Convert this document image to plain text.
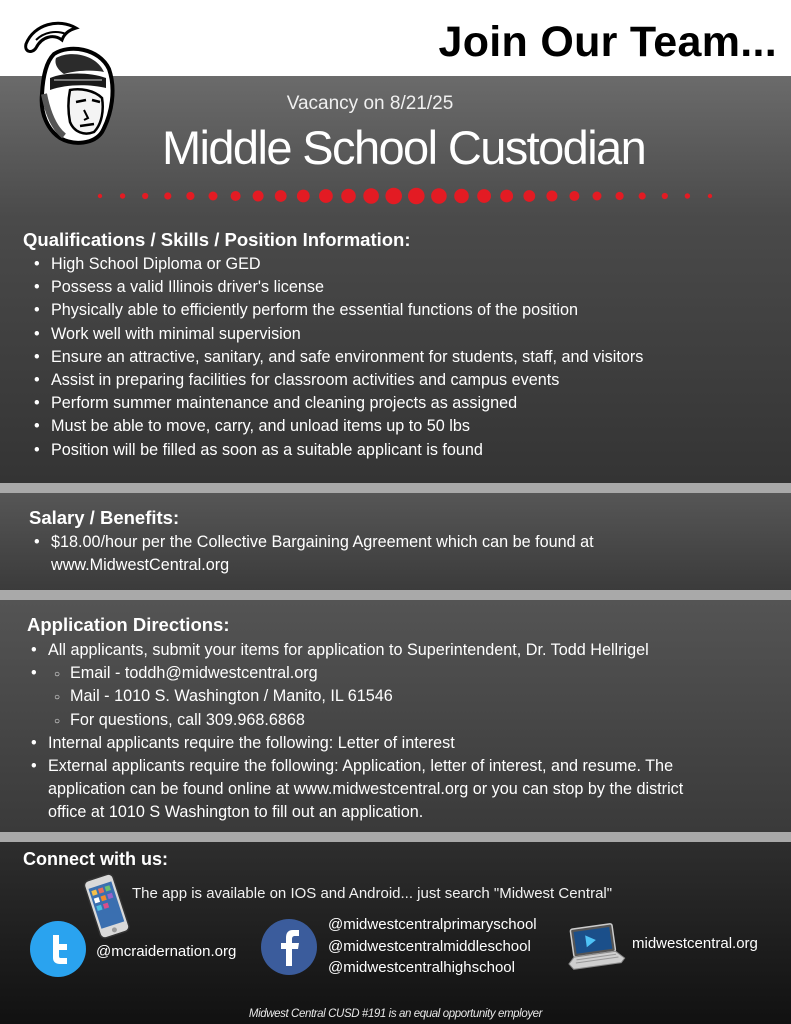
Join Our Team...
Vacancy on 8/21/25
Middle School Custodian
Qualifications / Skills / Position Information:
• High School Diploma or GED
• Possess a valid Illinois driver's license
• Physically able to efficiently perform the essential functions of the position
• Work well with minimal supervision
• Ensure an attractive, sanitary, and safe environment for students, staff, and visitors
• Assist in preparing facilities for classroom activities and campus events
• Perform summer maintenance and cleaning projects as assigned
• Must be able to move, carry, and unload items up to 50 lbs
• Position will be filled as soon as a suitable applicant is found
Salary / Benefits:
• $18.00/hour per the Collective Bargaining Agreement which can be found at
www.MidwestCentral.org
Application Directions:
• All applicants, submit your items for application to Superintendent, Dr. Todd Hellrigel
○ • Email - toddh@midwestcentral.org
○ Mail - 1010 S. Washington / Manito, IL 61546
○ For questions, call 309.968.6868
• Internal applicants require the following: Letter of interest
• External applicants require the following: Application, letter of interest, and resume. The
application can be found online at www.midwestcentral.org or you can stop by the district
office at 1010 S Washington to fill out an application.
Connect with us:
The app is available on IOS and Android... just search "Midwest Central"
@mcraidernation.org
@midwestcentralprimaryschool
@midwestcentralmiddleschool
@midwestcentralhighschool
midwestcentral.org
Midwest Central CUSD #191 is an equal opportunity employer
